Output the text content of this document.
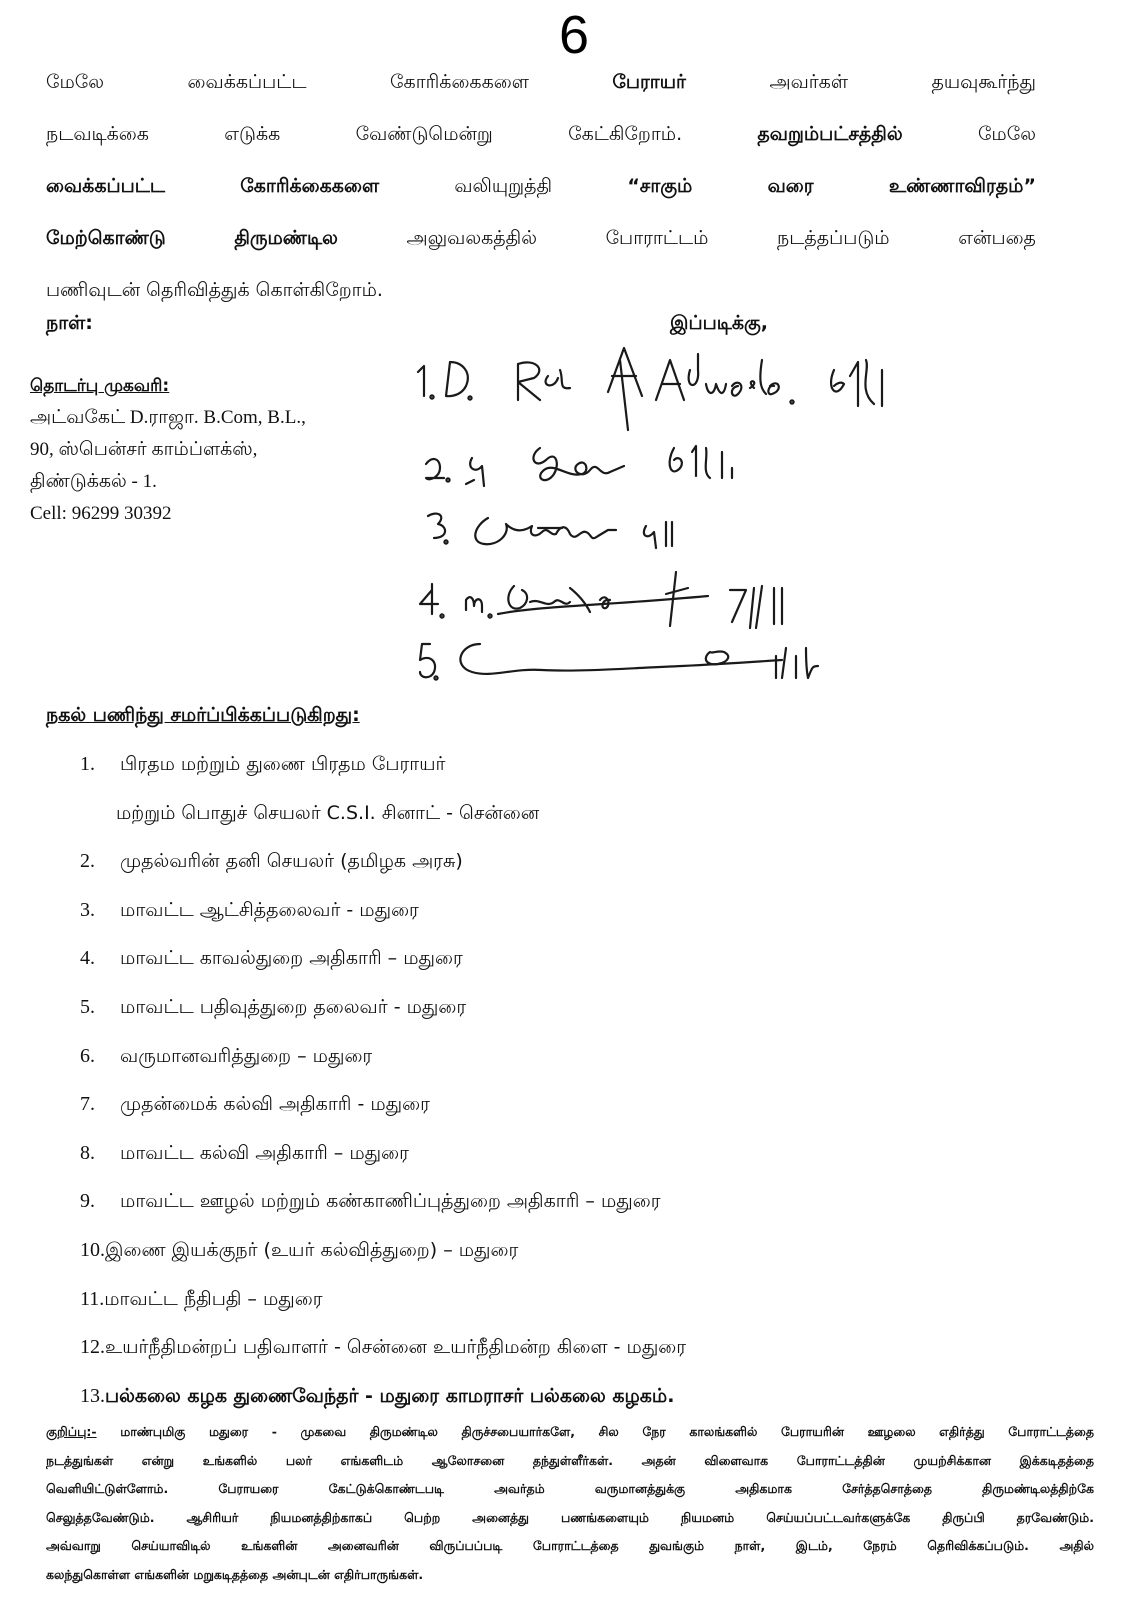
6
மேலே	வைக்கப்பட்ட	கோரிக்கைகளை	பேராயர்	அவர்கள்	தயவுகூர்ந்து
நடவடிக்கை	எடுக்க	வேண்டுமென்று	கேட்கிறோம்.	தவறும்பட்சத்தில்	மேலே
வைக்கப்பட்ட	கோரிக்கைகளை	வலியுறுத்தி	“சாகும்	வரை	உண்ணாவிரதம்”
மேற்கொண்டு	திருமண்டில	அலுவலகத்தில்	போராட்டம்	நடத்தப்படும்	என்பதை
பணிவுடன் தெரிவித்துக் கொள்கிறோம்.
நாள்:	இப்படிக்கு,
தொடர்பு முகவரி:
அட்வகேட் D.ராஜா. B.Com, B.L.,
90, ஸ்பென்சர் காம்ப்ளக்ஸ்,
திண்டுக்கல் - 1.
Cell: 96299 30392
நகல் பணிந்து சமர்ப்பிக்கப்படுகிறது:
1. பிரதம மற்றும் துணை பிரதம பேராயர்
மற்றும் பொதுச் செயலர் C.S.I. சினாட் - சென்னை
2. முதல்வரின் தனி செயலர் (தமிழக அரசு)
3. மாவட்ட ஆட்சித்தலைவர் - மதுரை
4. மாவட்ட காவல்துறை அதிகாரி – மதுரை
5. மாவட்ட பதிவுத்துறை தலைவர் - மதுரை
6. வருமானவரித்துறை – மதுரை
7. முதன்மைக் கல்வி அதிகாரி - மதுரை
8. மாவட்ட கல்வி அதிகாரி – மதுரை
9. மாவட்ட ஊழல் மற்றும் கண்காணிப்புத்துறை அதிகாரி – மதுரை
10.இணை இயக்குநர் (உயர் கல்வித்துறை) – மதுரை
11.மாவட்ட நீதிபதி – மதுரை
12.உயர்நீதிமன்றப் பதிவாளர் - சென்னை உயர்நீதிமன்ற கிளை - மதுரை
13.பல்கலை கழக துணைவேந்தர் - மதுரை காமராசர் பல்கலை கழகம்.
குறிப்பு:- மாண்புமிகு மதுரை - முகவை திருமண்டில திருச்சபையார்களே, சில நேர காலங்களில் பேராயரின் ஊழலை எதிர்த்து போராட்டத்தை
நடத்துங்கள் என்று உங்களில் பலர் எங்களிடம் ஆலோசனை தந்துள்ளீர்கள். அதன் விளைவாக போராட்டத்தின் முயற்சிக்கான இக்கடிதத்தை
வெளியிட்டுள்ளோம். பேராயரை கேட்டுக்கொண்டபடி அவர்தம் வருமானத்துக்கு அதிகமாக சேர்த்தசொத்தை திருமண்டிலத்திற்கே
செலுத்தவேண்டும். ஆசிரியர் நியமனத்திற்காகப் பெற்ற அனைத்து பணங்களையும் நியமனம் செய்யப்பட்டவர்களுக்கே திருப்பி தரவேண்டும்.
அவ்வாறு செய்யாவிடில் உங்களின் அனைவரின் விருப்பப்படி போராட்டத்தை துவங்கும் நாள், இடம், நேரம் தெரிவிக்கப்படும். அதில்
கலந்துகொள்ள எங்களின் மறுகடிதத்தை அன்புடன் எதிர்பாருங்கள்.
